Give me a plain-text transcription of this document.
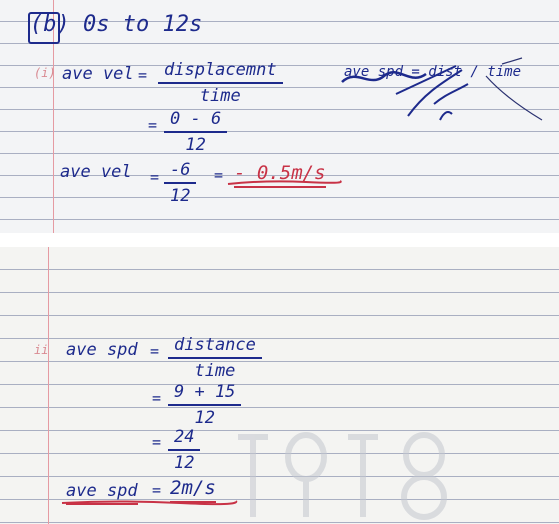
(b) 0s to 12s
(i) ave vel = displacemnt
time
= $\frac{0 - 6}{12}$
ave vel = $\frac{-6}{12}$ = - 0.5m/s
ave spd = dist / time
ii ave spd = distance
time
= $\frac{9 + 15}{12}$
= $\frac{24}{12}$
ave spd = 2m/s
